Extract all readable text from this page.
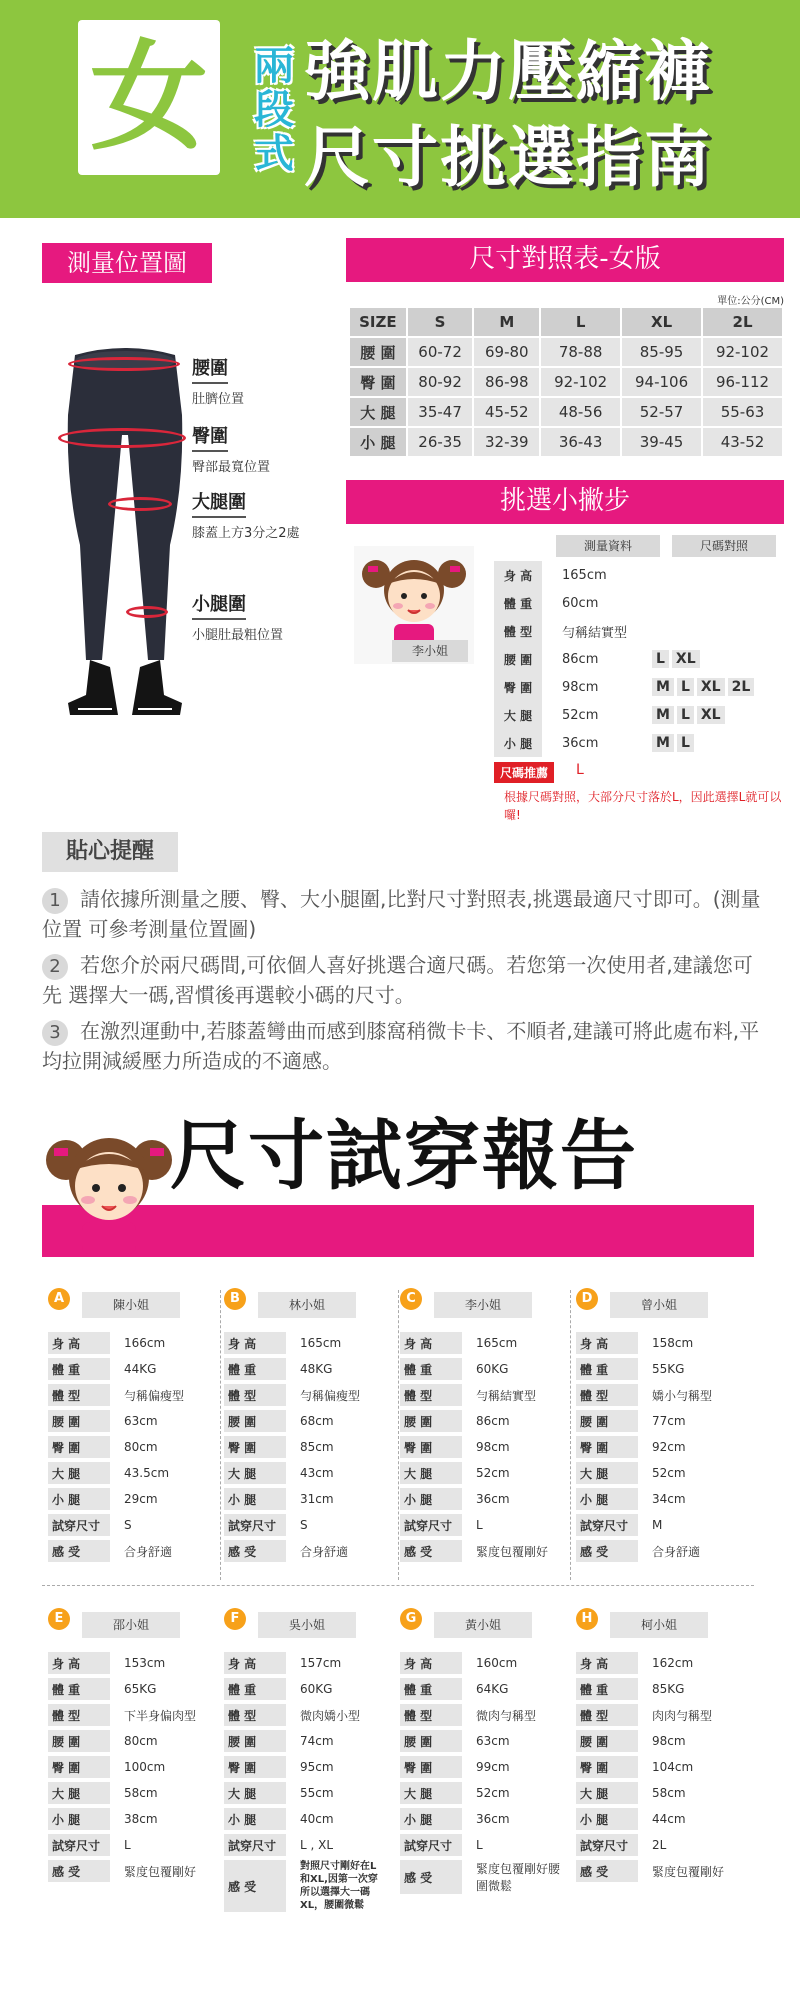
女	兩
段
式
強肌力壓縮褲
尺寸挑選指南
測量位置圖
腰圍
肚臍位置
臀圍
臀部最寬位置
大腿圍
膝蓋上方3分之2處
小腿圍
小腿肚最粗位置
尺寸對照表-女版
單位:公分(CM)
SIZE	S	M	L	XL	2L
腰 圍	60-72	69-80	78-88	85-95	92-102
臀 圍	80-92	86-98	92-102	94-106	96-112
大 腿	35-47	45-52	48-56	52-57	55-63
小 腿	26-35	32-39	36-43	39-45	43-52
挑選小撇步
測量資料	尺碼對照
李小姐
身 高	165cm	
體 重	60cm	
體 型	勻稱結實型	
腰 圍	86cm	L XL
臀 圍	98cm	M L XL 2L
大 腿	52cm	M L XL
小 腿	36cm	M L
尺碼推薦	L
根據尺碼對照，大部分尺寸落於L，因此選擇L就可以囉!
貼心提醒
1 請依據所測量之腰、臀、大小腿圍,比對尺寸對照表,挑選最適尺寸即可。(測量位置 可參考測量位置圖)
2 若您介於兩尺碼間,可依個人喜好挑選合適尺碼。若您第一次使用者,建議您可先 選擇大一碼,習慣後再選較小碼的尺寸。
3 在激烈運動中,若膝蓋彎曲而感到膝窩稍微卡卡、不順者,建議可將此處布料,平 均拉開減緩壓力所造成的不適感。
尺寸試穿報告
A	陳小姐
身 高	166cm
體 重	44KG
體 型	勻稱偏瘦型
腰 圍	63cm
臀 圍	80cm
大 腿	43.5cm
小 腿	29cm
試穿尺寸	S
感 受	合身舒適
B	林小姐
身 高	165cm
體 重	48KG
體 型	勻稱偏瘦型
腰 圍	68cm
臀 圍	85cm
大 腿	43cm
小 腿	31cm
試穿尺寸	S
感 受	合身舒適
C	李小姐
身 高	165cm
體 重	60KG
體 型	勻稱結實型
腰 圍	86cm
臀 圍	98cm
大 腿	52cm
小 腿	36cm
試穿尺寸	L
感 受	緊度包覆剛好
D	曾小姐
身 高	158cm
體 重	55KG
體 型	嬌小勻稱型
腰 圍	77cm
臀 圍	92cm
大 腿	52cm
小 腿	34cm
試穿尺寸	M
感 受	合身舒適
E	邵小姐
身 高	153cm
體 重	65KG
體 型	下半身偏肉型
腰 圍	80cm
臀 圍	100cm
大 腿	58cm
小 腿	38cm
試穿尺寸	L
感 受	緊度包覆剛好
F	吳小姐
身 高	157cm
體 重	60KG
體 型	微肉嬌小型
腰 圍	74cm
臀 圍	95cm
大 腿	55cm
小 腿	40cm
試穿尺寸	L , XL
感 受	對照尺寸剛好在L和XL,因第一次穿所以選擇大一碼XL，腰圍微鬆
G	黃小姐
身 高	160cm
體 重	64KG
體 型	微肉勻稱型
腰 圍	63cm
臀 圍	99cm
大 腿	52cm
小 腿	36cm
試穿尺寸	L
感 受	緊度包覆剛好腰圍微鬆
H	柯小姐
身 高	162cm
體 重	85KG
體 型	肉肉勻稱型
腰 圍	98cm
臀 圍	104cm
大 腿	58cm
小 腿	44cm
試穿尺寸	2L
感 受	緊度包覆剛好
